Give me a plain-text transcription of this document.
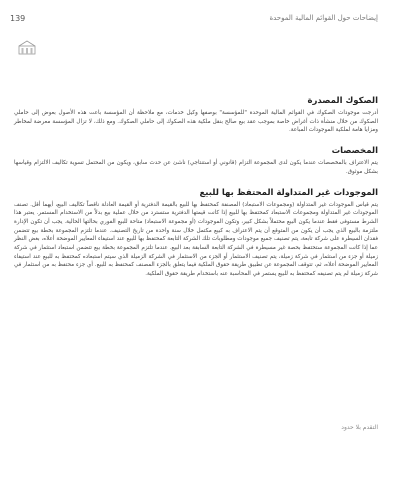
139	إيضاحات حول القوائم المالية الموحدة
الصكوك المصدرة

أدرجت موجودات الصكوك في القوائم المالية الموحدة "للمؤسسة" بوصفها وكيل خدمات، مع ملاحظة أن المؤسسة باعت هذه الأصول بعوض إلى حاملي الصكوك من خلال منشأة ذات أغراض خاصة بموجب عقد بيع صالح بنقل ملكية هذه الصكوك إلى حاملي الصكوك. ومع ذلك، لا تزال المؤسسة معرضة لمخاطر ومزايا هامة لملكية الموجودات المباعة.

المخصصات

يتم الاعتراف بالمخصصات عندما يكون لدى المجموعة التزام (قانوني أو استنتاجي) ناشئ عن حدث سابق، ويكون من المحتمل تسوية تكاليف الالتزام وقياسها بشكل موثوق.

الموجودات غير المتداولة المحتفظ بها للبيع

يتم قياس الموجودات غير المتداولة (ومجموعات الاستبعاد) المصنفة كمحتفظ بها للبيع بالقيمة الدفترية أو القيمة العادلة ناقصاً تكاليف البيع، أيهما أقل. تصنف الموجودات غير المتداولة ومجموعات الاستبعاد كمحتفظ بها للبيع إذا كانت قيمتها الدفترية ستسترد من خلال عملية بيع بدلاً من الاستخدام المستمر. يعتبر هذا الشرط مستوفى فقط عندما يكون البيع محتملاً بشكل كبير، وتكون الموجودات (أو مجموعة الاستبعاد) متاحة للبيع الفوري بحالتها الحالية. يجب أن تكون الإدارة ملتزمة بالبيع الذي يجب أن يكون من المتوقع أن يتم الاعتراف به كبيع مكتمل خلال سنة واحدة من تاريخ التصنيف. عندما تلتزم المجموعة بخطة بيع تتضمن فقدان السيطرة على شركة تابعة، يتم تصنيف جميع موجودات ومطلوبات تلك الشركة التابعة كمحتفظ بها للبيع عند استيفاء المعايير الموضحة أعلاه، بغض النظر عما إذا كانت المجموعة ستحتفظ بحصة غير مسيطرة في الشركة التابعة السابقة بعد البيع. عندما تلتزم المجموعة بخطة بيع تتضمن استبعاد استثمار في شركة زميلة أو جزء من استثمار في شركة زميلة، يتم تصنيف الاستثمار أو الجزء من الاستثمار في الشركة الزميلة الذي سيتم استبعاده كمحتفظ به للبيع عند استيفاء المعايير الموضحة أعلاه، ثم، تتوقف المجموعة عن تطبيق طريقة حقوق الملكية فيما يتعلق بالجزء المصنف كمحتفظ به للبيع. أي جزء محتفظ به من استثمار في شركة زميلة لم يتم تصنيفه كمحتفظ به للبيع يستمر في المحاسبة عنه باستخدام طريقة حقوق الملكية.

التقدم بلا حدود
